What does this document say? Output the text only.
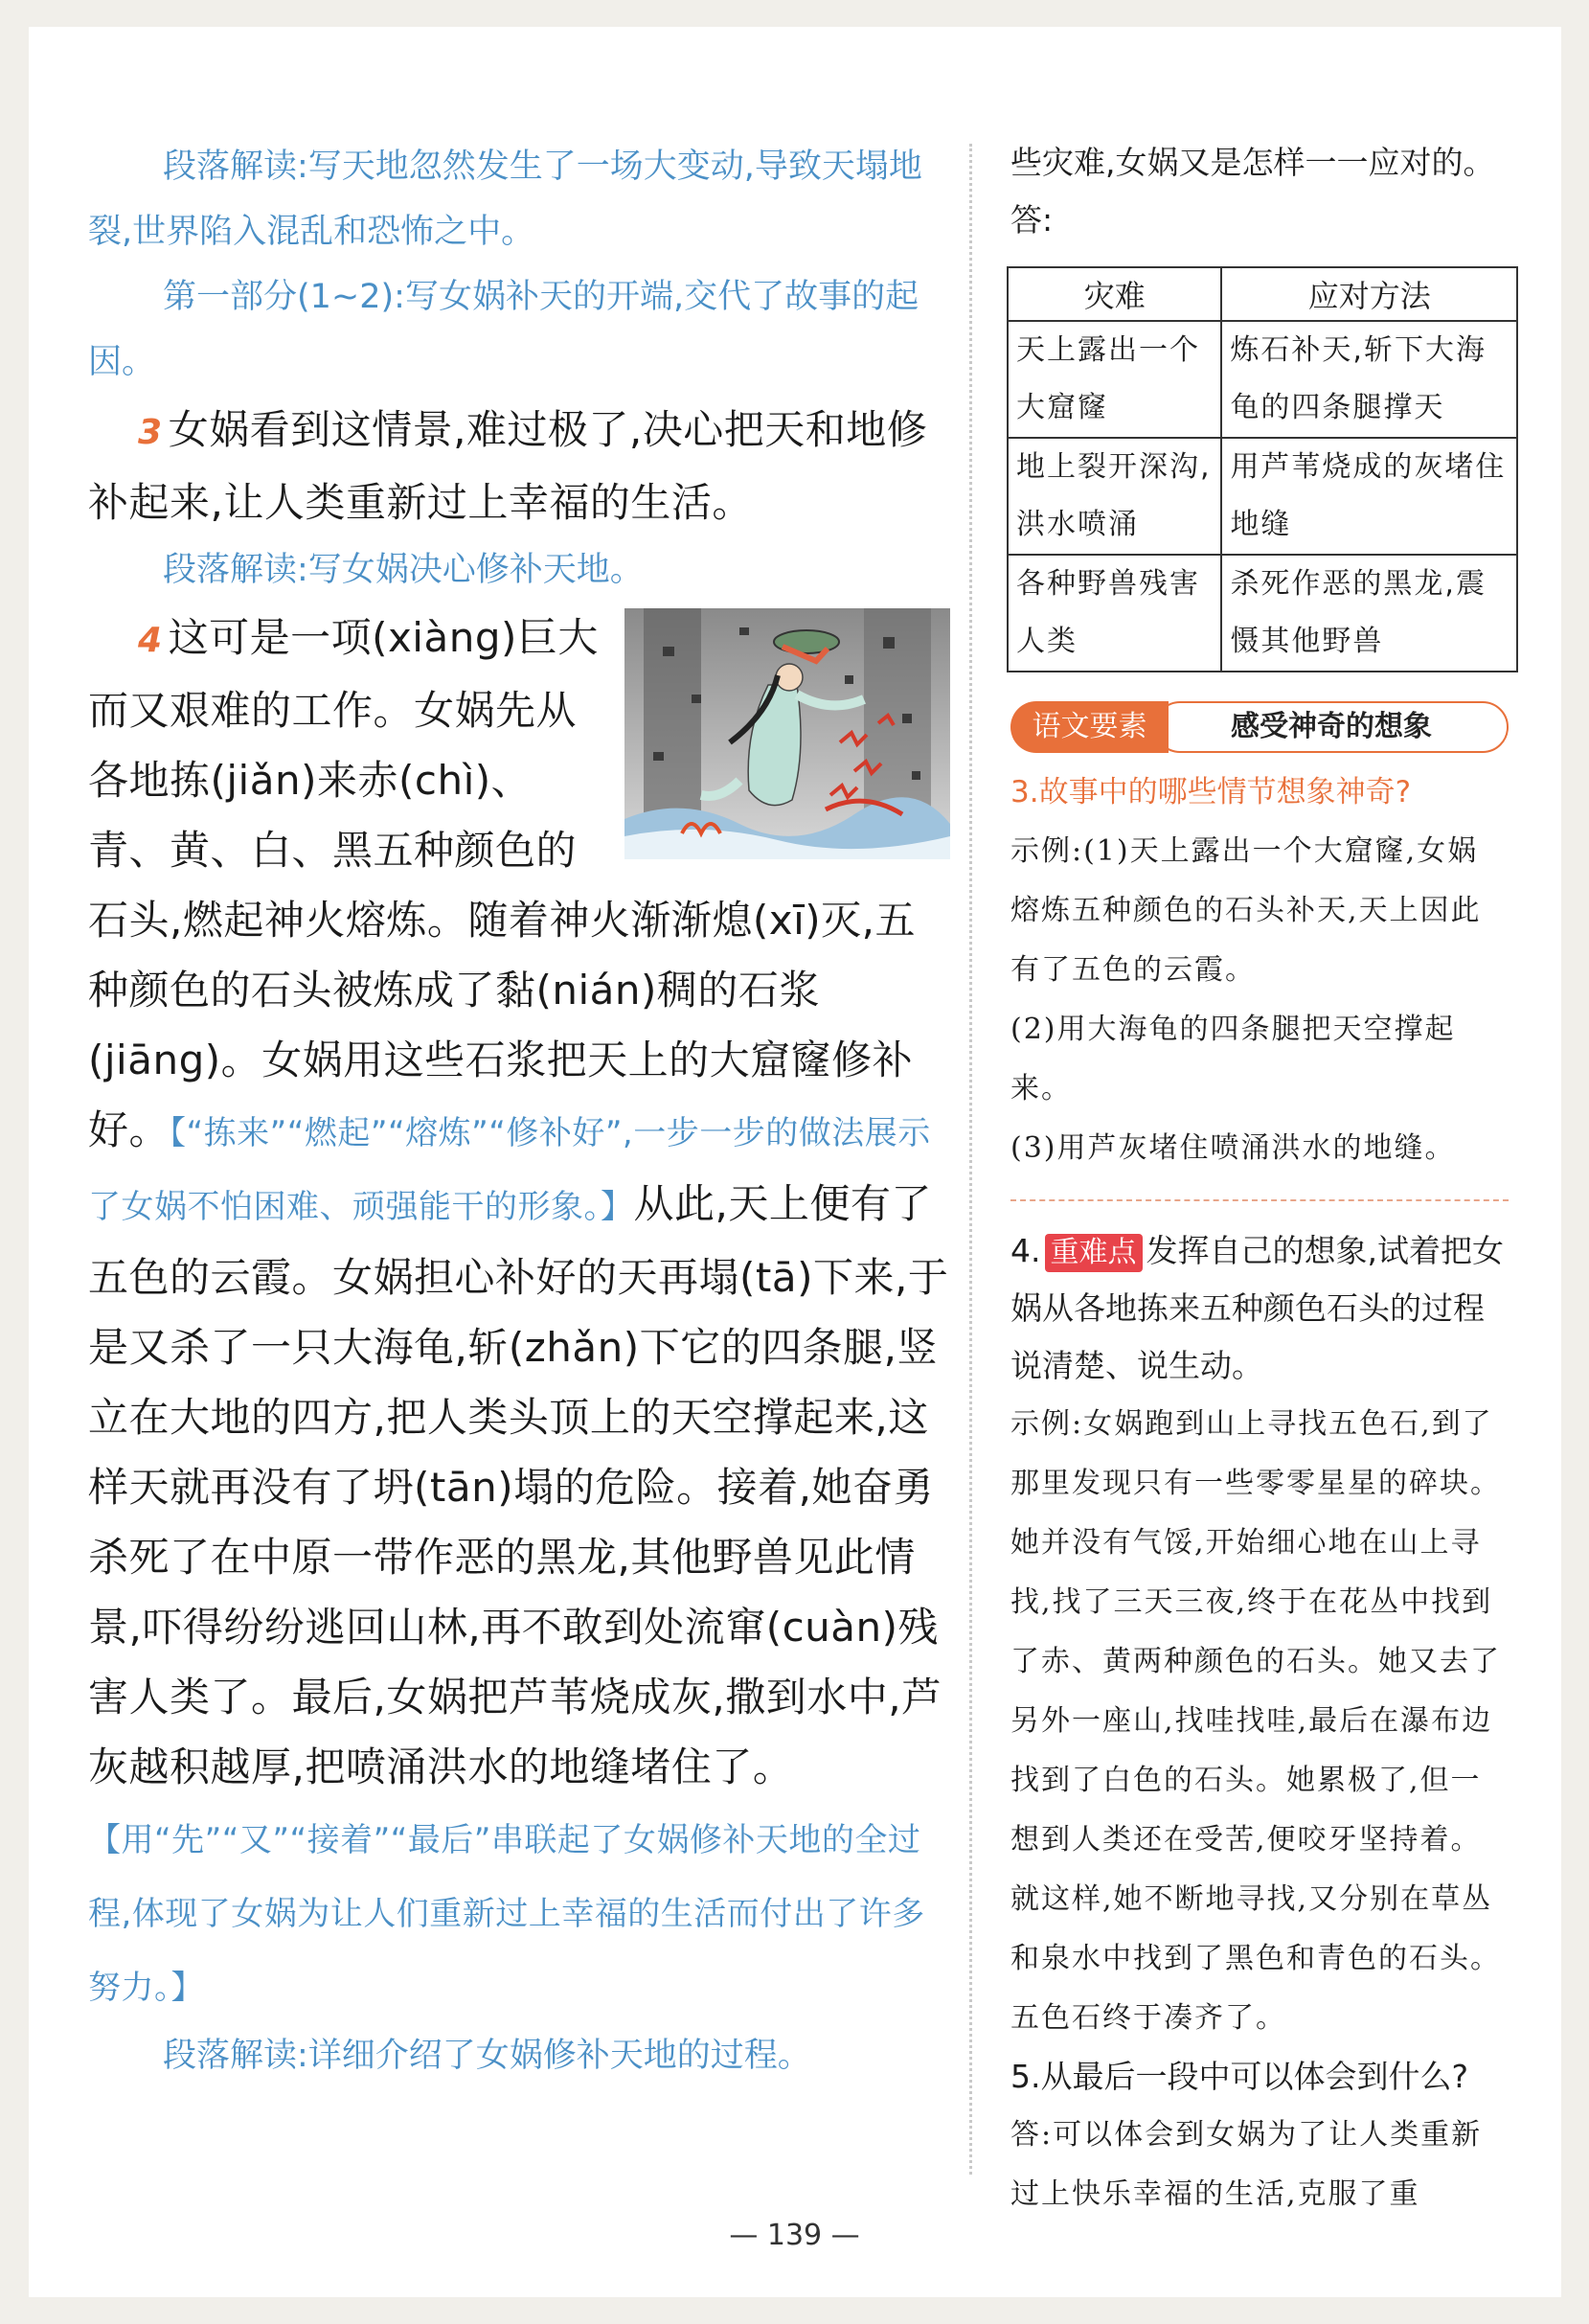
段落解读:写天地忽然发生了一场大变动,导致天塌地裂,世界陷入混乱和恐怖之中。

第一部分(1~2):写女娲补天的开端,交代了故事的起因。

3 女娲看到这情景,难过极了,决心把天和地修补起来,让人类重新过上幸福的生活。

段落解读:写女娲决心修补天地。

4 这可是一项(xiàng)巨大而又艰难的工作。女娲先从各地拣(jiǎn)来赤(chì)、青、黄、白、黑五种颜色的石头,燃起神火熔炼。随着神火渐渐熄(xī)灭,五种颜色的石头被炼成了黏(nián)稠的石浆(jiāng)。女娲用这些石浆把天上的大窟窿修补好。【“拣来”“燃起”“熔炼”“修补好”,一步一步的做法展示了女娲不怕困难、顽强能干的形象。】从此,天上便有了五色的云霞。女娲担心补好的天再塌(tā)下来,于是又杀了一只大海龟,斩(zhǎn)下它的四条腿,竖立在大地的四方,把人类头顶上的天空撑起来,这样天就再没有了坍(tān)塌的危险。接着,她奋勇杀死了在中原一带作恶的黑龙,其他野兽见此情景,吓得纷纷逃回山林,再不敢到处流窜(cuàn)残害人类了。最后,女娲把芦苇烧成灰,撒到水中,芦灰越积越厚,把喷涌洪水的地缝堵住了。【用“先”“又”“接着”“最后”串联起了女娲修补天地的全过程,体现了女娲为让人们重新过上幸福的生活而付出了许多努力。】

段落解读:详细介绍了女娲修补天地的过程。

些灾难,女娲又是怎样一一应对的。

答:

灾难	应对方法
天上露出一个大窟窿	炼石补天,斩下大海龟的四条腿撑天
地上裂开深沟,洪水喷涌	用芦苇烧成的灰堵住地缝
各种野兽残害人类	杀死作恶的黑龙,震慑其他野兽
感受神奇的想象
语文要素

3.故事中的哪些情节想象神奇?

示例:(1)天上露出一个大窟窿,女娲熔炼五种颜色的石头补天,天上因此有了五色的云霞。

(2)用大海龟的四条腿把天空撑起来。

(3)用芦灰堵住喷涌洪水的地缝。

4. 重难点 发挥自己的想象,试着把女娲从各地拣来五种颜色石头的过程说清楚、说生动。

示例:女娲跑到山上寻找五色石,到了那里发现只有一些零零星星的碎块。她并没有气馁,开始细心地在山上寻找,找了三天三夜,终于在花丛中找到了赤、黄两种颜色的石头。她又去了另外一座山,找哇找哇,最后在瀑布边找到了白色的石头。她累极了,但一想到人类还在受苦,便咬牙坚持着。就这样,她不断地寻找,又分别在草丛和泉水中找到了黑色和青色的石头。五色石终于凑齐了。

5.从最后一段中可以体会到什么?

答:可以体会到女娲为了让人类重新过上快乐幸福的生活,克服了重

— 139 —
